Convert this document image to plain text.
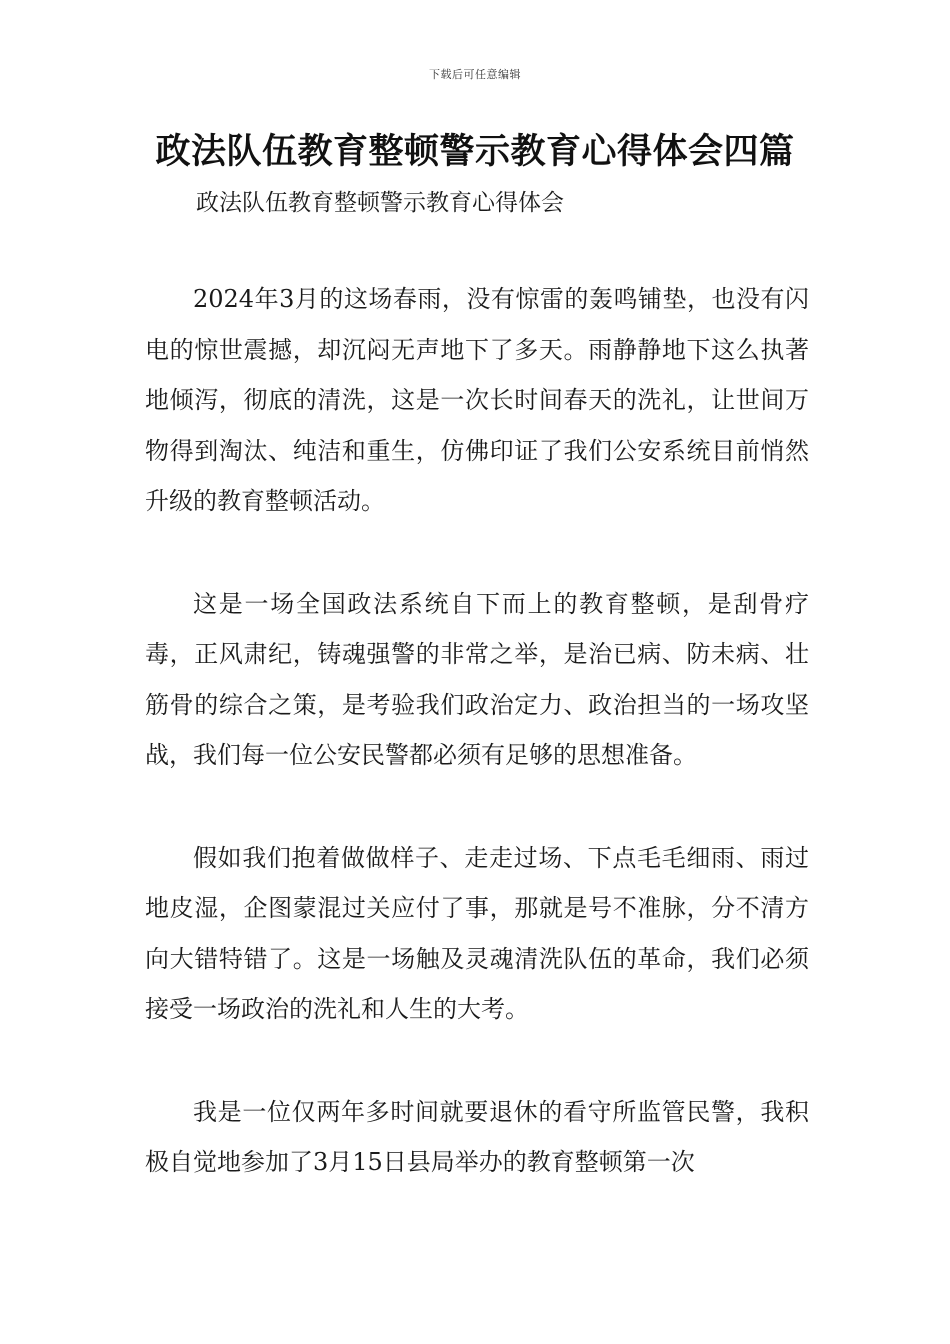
下载后可任意编辑
政法队伍教育整顿警示教育心得体会四篇

政法队伍教育整顿警示教育心得体会

2024年3月的这场春雨，没有惊雷的轰鸣铺垫，也没有闪电的惊世震撼，却沉闷无声地下了多天。雨静静地下这么执著地倾泻，彻底的清洗，这是一次长时间春天的洗礼，让世间万物得到淘汰、纯洁和重生，仿佛印证了我们公安系统目前悄然升级的教育整顿活动。

这是一场全国政法系统自下而上的教育整顿，是刮骨疗毒，正风肃纪，铸魂强警的非常之举，是治已病、防未病、壮筋骨的综合之策，是考验我们政治定力、政治担当的一场攻坚战，我们每一位公安民警都必须有足够的思想准备。

假如我们抱着做做样子、走走过场、下点毛毛细雨、雨过地皮湿，企图蒙混过关应付了事，那就是号不准脉，分不清方向大错特错了。这是一场触及灵魂清洗队伍的革命，我们必须接受一场政治的洗礼和人生的大考。

我是一位仅两年多时间就要退休的看守所监管民警，我积极自觉地参加了3月15日县局举办的教育整顿第一次
